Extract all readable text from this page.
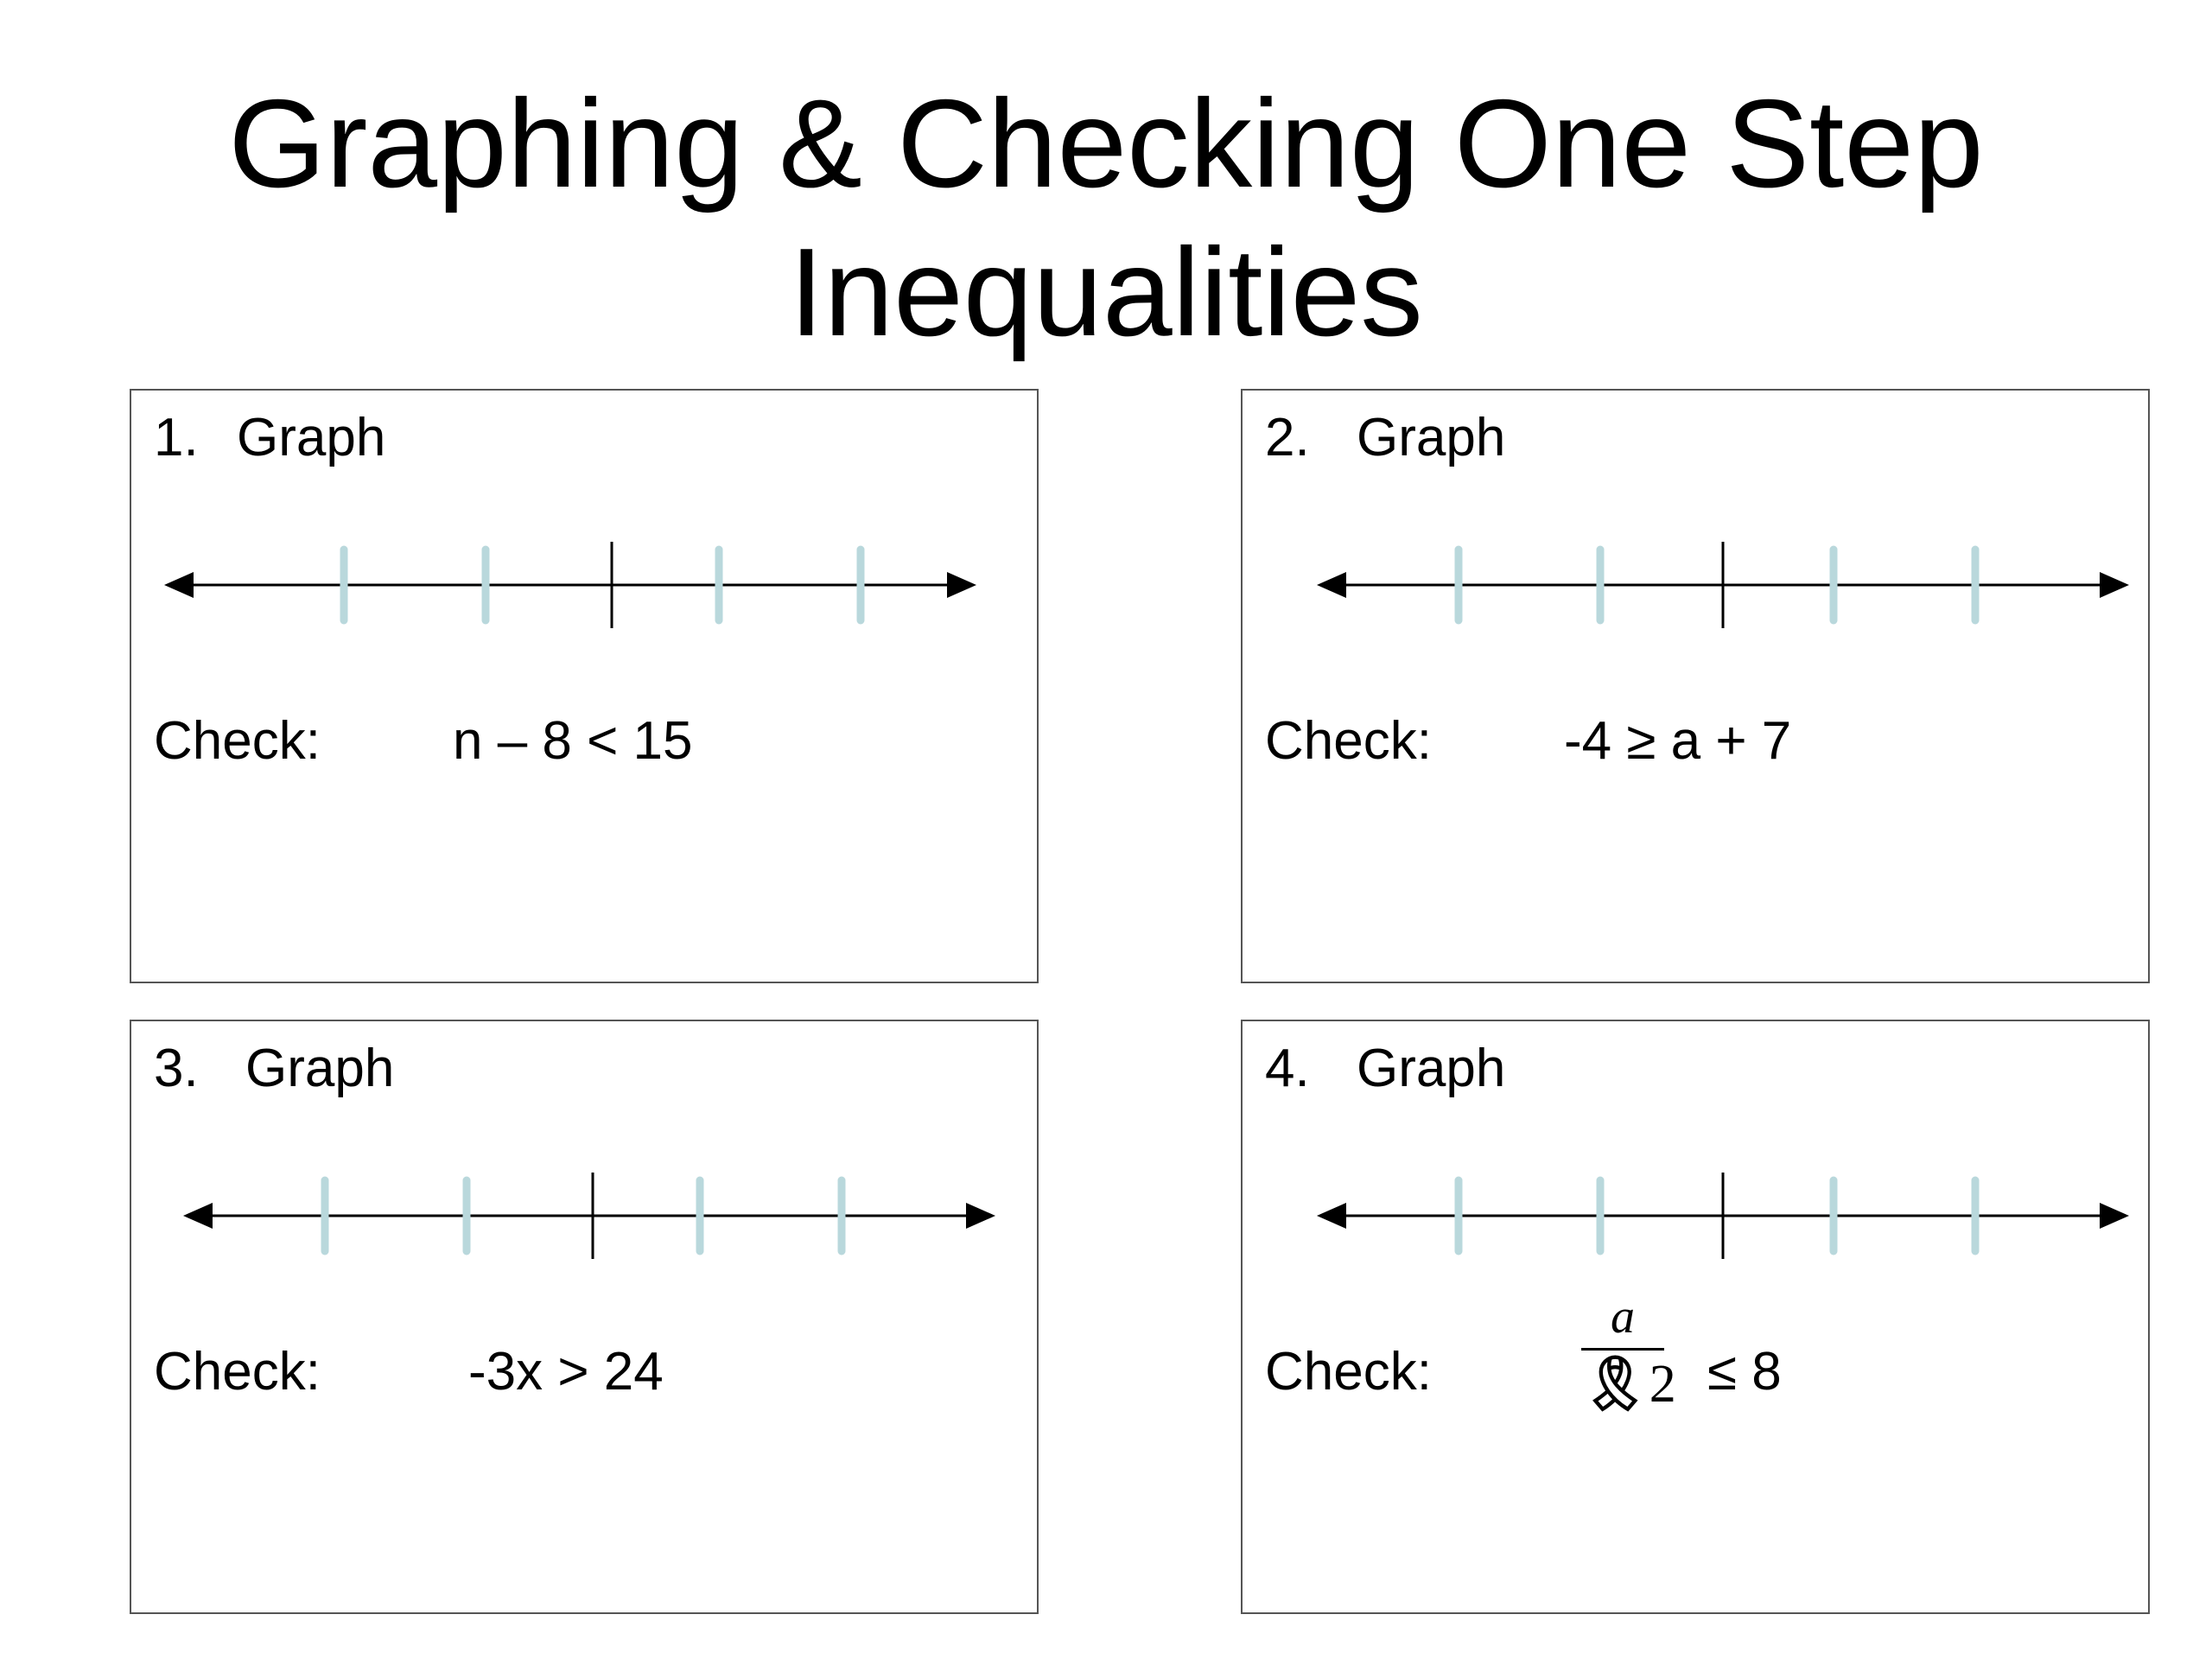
Graphing & Checking One Step
Inequalities
1. Graph
Check: n – 8 < 15
2. Graph
Check: -4 ≥ a + 7
3. Graph
Check:	-3x > 24
4. Graph
Check:
a
🎗2 ≤ 8
